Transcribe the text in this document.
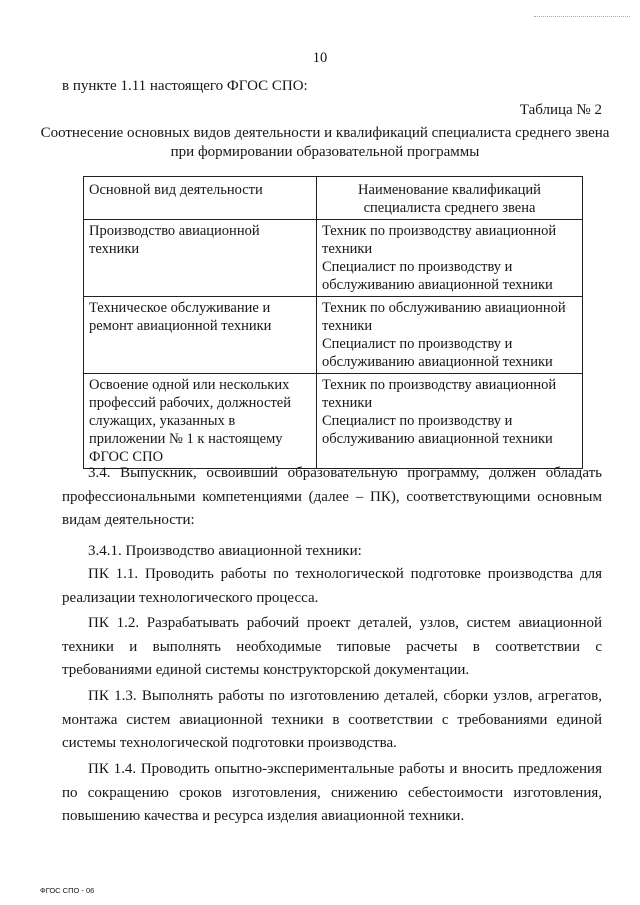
10
в пункте 1.11 настоящего ФГОС СПО:
Таблица № 2
Соотнесение основных видов деятельности и квалификаций специалиста среднего звена при формировании образовательной программы
Основной вид деятельности	Наименование квалификаций специалиста среднего звена
Производство авиационной техники	Техник по производству авиационной техники
Специалист по производству и обслуживанию авиационной техники

Техническое обслуживание и ремонт авиационной техники	Техник по обслуживанию авиационной техники
Специалист по производству и обслуживанию авиационной техники

Освоение одной или нескольких профессий рабочих, должностей служащих, указанных в приложении № 1 к настоящему ФГОС СПО	Техник по производству авиационной техники
Специалист по производству и обслуживанию авиационной техники
3.4. Выпускник, освоивший образовательную программу, должен обладать профессиональными компетенциями (далее – ПК), соответствующими основным видам деятельности:
3.4.1. Производство авиационной техники:
ПК 1.1. Проводить работы по технологической подготовке производства для реализации технологического процесса.
ПК 1.2. Разрабатывать рабочий проект деталей, узлов, систем авиационной техники и выполнять необходимые типовые расчеты в соответствии с требованиями единой системы конструкторской документации.
ПК 1.3. Выполнять работы по изготовлению деталей, сборки узлов, агрегатов, монтажа систем авиационной техники в соответствии с требованиями единой системы технологической подготовки производства.
ПК 1.4. Проводить опытно-экспериментальные работы и вносить предложения по сокращению сроков изготовления, снижению себестоимости изготовления, повышению качества и ресурса изделия авиационной техники.
ФГОС СПО - 06
